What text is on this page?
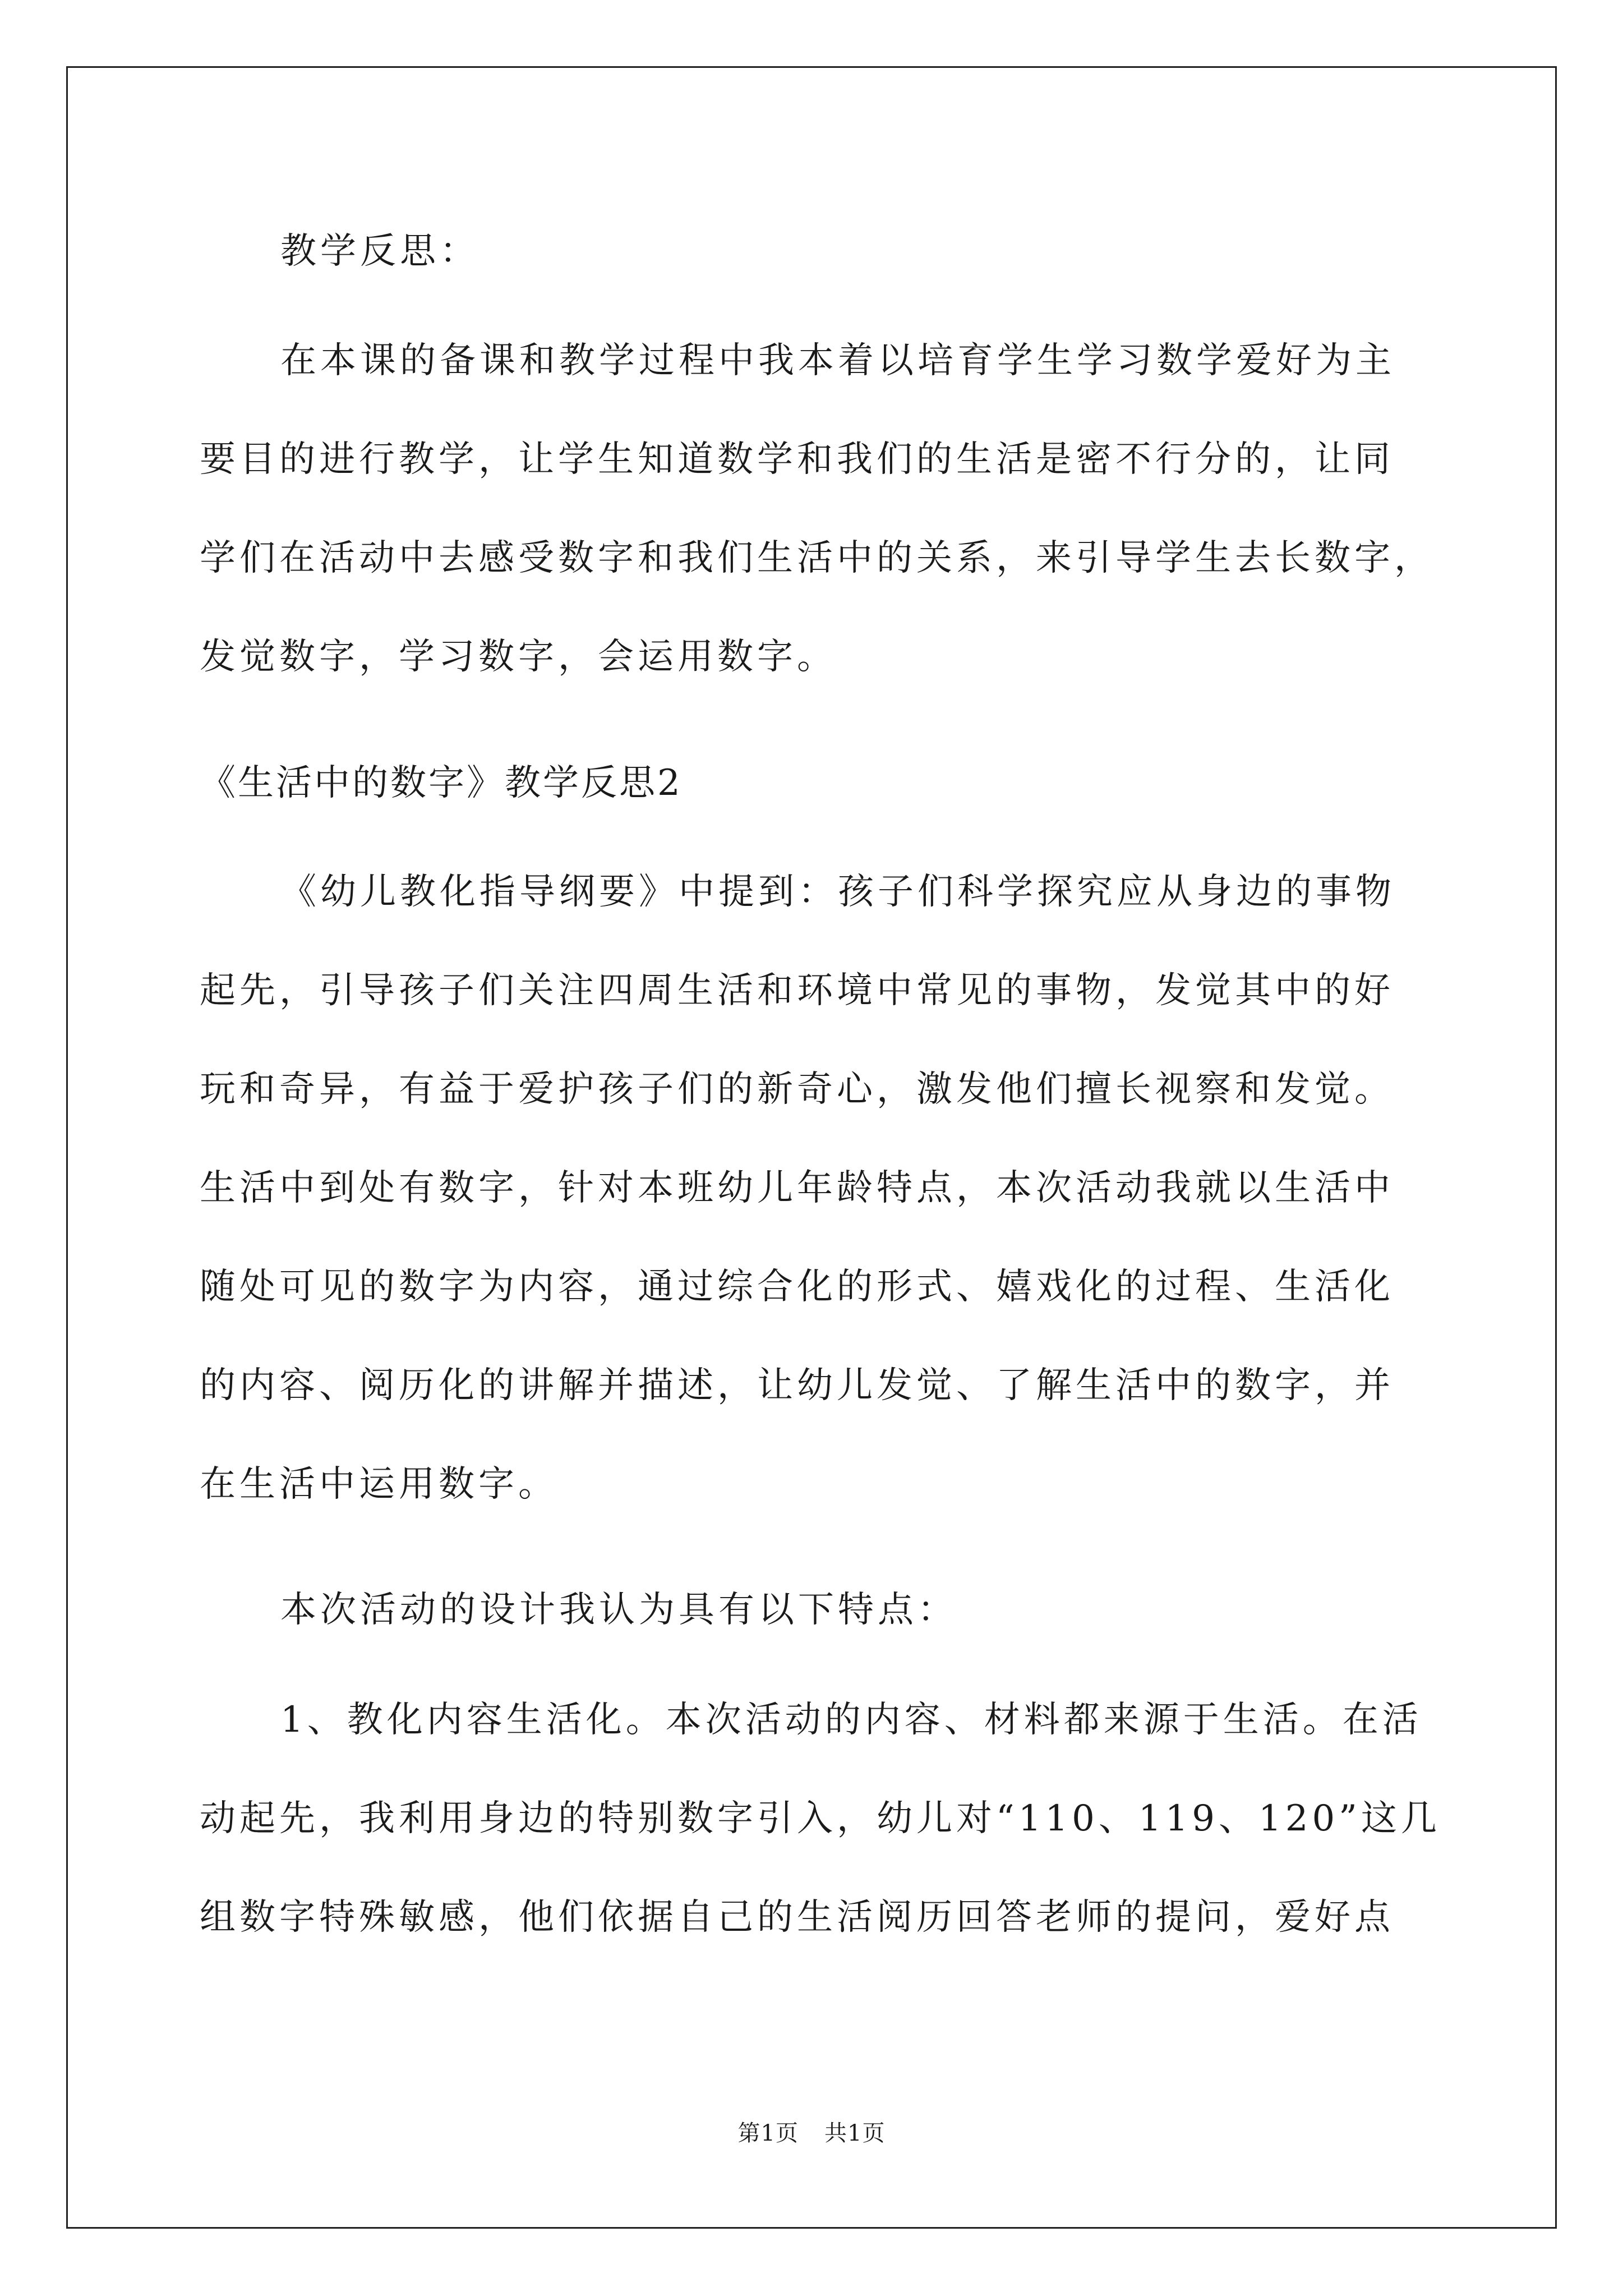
教学反思：
在本课的备课和教学过程中我本着以培育学生学习数学爱好为主
要目的进行教学，让学生知道数学和我们的生活是密不行分的，让同
学们在活动中去感受数字和我们生活中的关系，来引导学生去长数字，
发觉数字，学习数字，会运用数字。
《生活中的数字》教学反思2
《幼儿教化指导纲要》中提到：孩子们科学探究应从身边的事物
起先，引导孩子们关注四周生活和环境中常见的事物，发觉其中的好
玩和奇异，有益于爱护孩子们的新奇心，激发他们擅长视察和发觉。
生活中到处有数字，针对本班幼儿年龄特点，本次活动我就以生活中
随处可见的数字为内容，通过综合化的形式、嬉戏化的过程、生活化
的内容、阅历化的讲解并描述，让幼儿发觉、了解生活中的数字，并
在生活中运用数字。
本次活动的设计我认为具有以下特点：
1、教化内容生活化。本次活动的内容、材料都来源于生活。在活
动起先，我利用身边的特别数字引入，幼儿对“110、119、120”这几
组数字特殊敏感，他们依据自己的生活阅历回答老师的提问，爱好点
第1页 共1页
